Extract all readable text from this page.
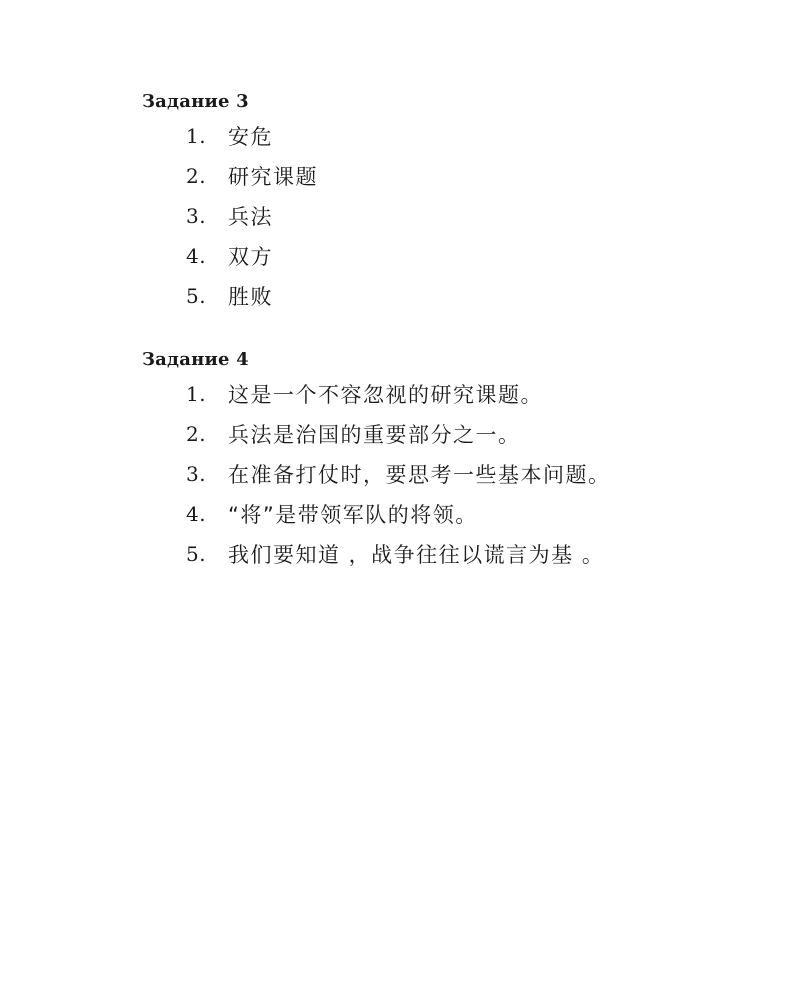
Задание 3
1.	安危
2.	研究课题
3.	兵法
4.	双方
5.	胜败
Задание 4
1.	这是一个不容忽视的研究课题。
2.	兵法是治国的重要部分之一。
3.	在准备打仗时，要思考一些基本问题。
4.	“将”是带领军队的将领。
5.	我们要知道 ，战争往往以谎言为基 。
